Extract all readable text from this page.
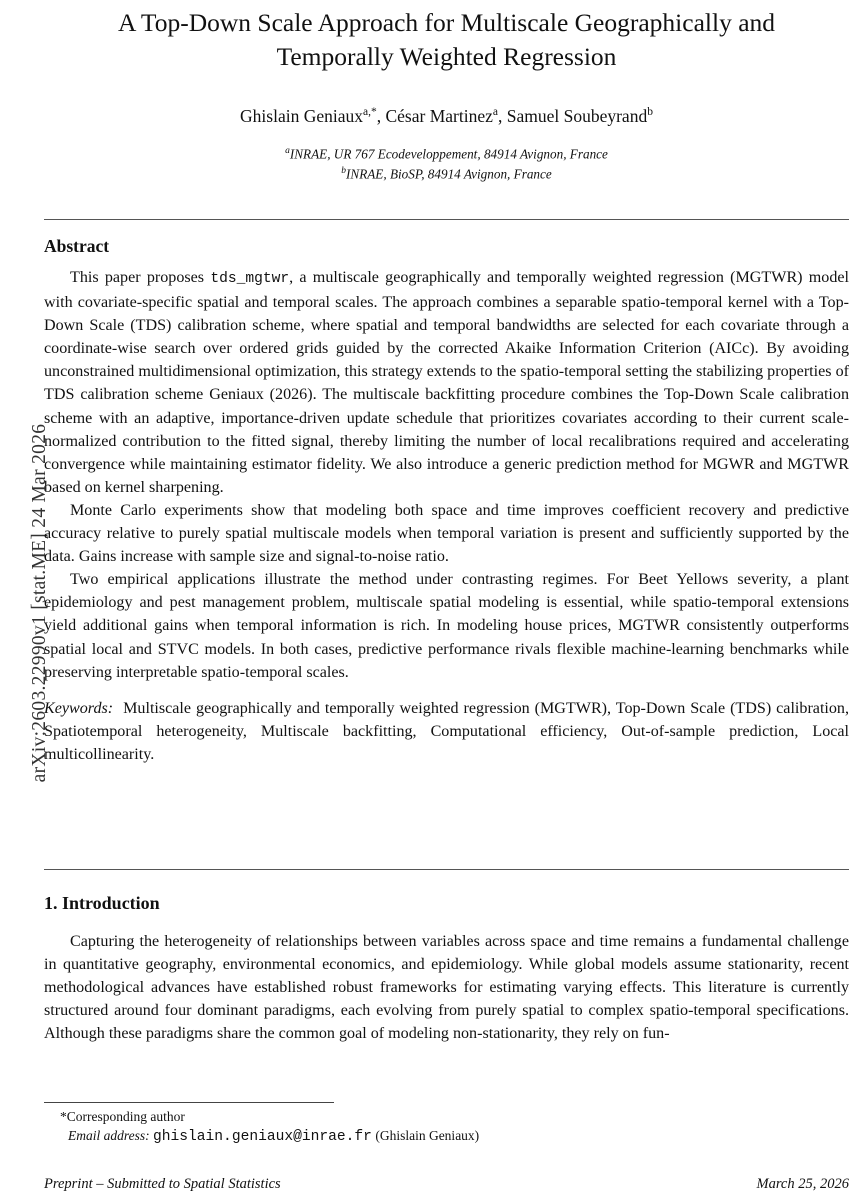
arXiv:2603.22990v1 [stat.ME] 24 Mar 2026
A Top-Down Scale Approach for Multiscale Geographically and Temporally Weighted Regression
Ghislain Geniaux$^{a,*}$, César Martinez$^a$, Samuel Soubeyrand$^b$
$^a$INRAE, UR 767 Ecodeveloppement, 84914 Avignon, France
$^b$INRAE, BioSP, 84914 Avignon, France
Abstract

This paper proposes tds_mgtwr, a multiscale geographically and temporally weighted regression (MGTWR) model with covariate-specific spatial and temporal scales. The approach combines a separable spatio-temporal kernel with a Top-Down Scale (TDS) calibration scheme, where spatial and temporal bandwidths are selected for each covariate through a coordinate-wise search over ordered grids guided by the corrected Akaike Information Criterion (AICc). By avoiding unconstrained multidimensional optimization, this strategy extends to the spatio-temporal setting the stabilizing properties of TDS calibration scheme Geniaux (2026). The multiscale backfitting procedure combines the Top-Down Scale calibration scheme with an adaptive, importance-driven update schedule that prioritizes covariates according to their current scale-normalized contribution to the fitted signal, thereby limiting the number of local recalibrations required and accelerating convergence while maintaining estimator fidelity. We also introduce a generic prediction method for MGWR and MGTWR based on kernel sharpening.

Monte Carlo experiments show that modeling both space and time improves coefficient recovery and predictive accuracy relative to purely spatial multiscale models when temporal variation is present and sufficiently supported by the data. Gains increase with sample size and signal-to-noise ratio.

Two empirical applications illustrate the method under contrasting regimes. For Beet Yellows severity, a plant epidemiology and pest management problem, multiscale spatial modeling is essential, while spatio-temporal extensions yield additional gains when temporal information is rich. In modeling house prices, MGTWR consistently outperforms spatial local and STVC models. In both cases, predictive performance rivals flexible machine-learning benchmarks while preserving interpretable spatio-temporal scales.

Keywords: Multiscale geographically and temporally weighted regression (MGTWR), Top-Down Scale (TDS) calibration, Spatiotemporal heterogeneity, Multiscale backfitting, Computational efficiency, Out-of-sample prediction, Local multicollinearity.

1. Introduction

Capturing the heterogeneity of relationships between variables across space and time remains a fundamental challenge in quantitative geography, environmental economics, and epidemiology. While global models assume stationarity, recent methodological advances have established robust frameworks for estimating varying effects. This literature is currently structured around four dominant paradigms, each evolving from purely spatial to complex spatio-temporal specifications. Although these paradigms share the common goal of modeling non-stationarity, they rely on fun-

*Corresponding author

Email address: ghislain.geniaux@inrae.fr (Ghislain Geniaux)

Preprint – Submitted to Spatial Statistics	March 25, 2026
